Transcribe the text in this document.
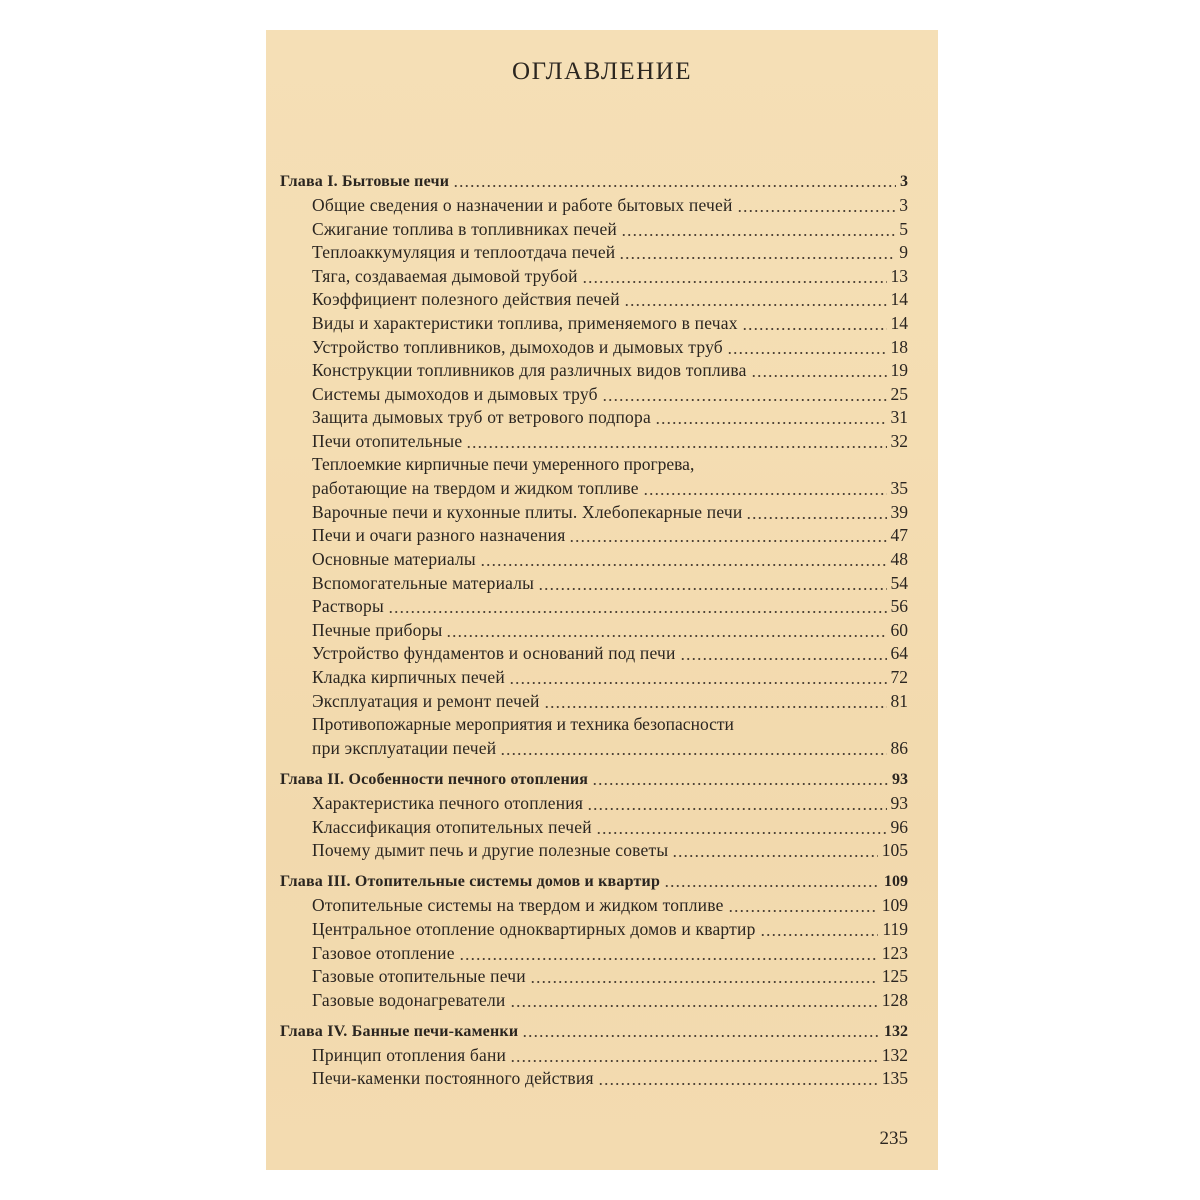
ОГЛАВЛЕНИЕ
Глава I. Бытовые печи	3
Общие сведения о назначении и работе бытовых печей	3
Сжигание топлива в топливниках печей	5
Теплоаккумуляция и теплоотдача печей	9
Тяга, создаваемая дымовой трубой	13
Коэффициент полезного действия печей	14
Виды и характеристики топлива, применяемого в печах	14
Устройство топливников, дымоходов и дымовых труб	18
Конструкции топливников для различных видов топлива	19
Системы дымоходов и дымовых труб	25
Защита дымовых труб от ветрового подпора	31
Печи отопительные	32
Теплоемкие кирпичные печи умеренного прогрева,
работающие на твердом и жидком топливе	35
Варочные печи и кухонные плиты. Хлебопекарные печи	39
Печи и очаги разного назначения	47
Основные материалы	48
Вспомогательные материалы	54
Растворы	56
Печные приборы	60
Устройство фундаментов и оснований под печи	64
Кладка кирпичных печей	72
Эксплуатация и ремонт печей	81
Противопожарные мероприятия и техника безопасности
при эксплуатации печей	86
Глава II. Особенности печного отопления	93
Характеристика печного отопления	93
Классификация отопительных печей	96
Почему дымит печь и другие полезные советы	105
Глава III. Отопительные системы домов и квартир	109
Отопительные системы на твердом и жидком топливе	109
Центральное отопление одноквартирных домов и квартир	119
Газовое отопление	123
Газовые отопительные печи	125
Газовые водонагреватели	128
Глава IV. Банные печи-каменки	132
Принцип отопления бани	132
Печи-каменки постоянного действия	135
235
